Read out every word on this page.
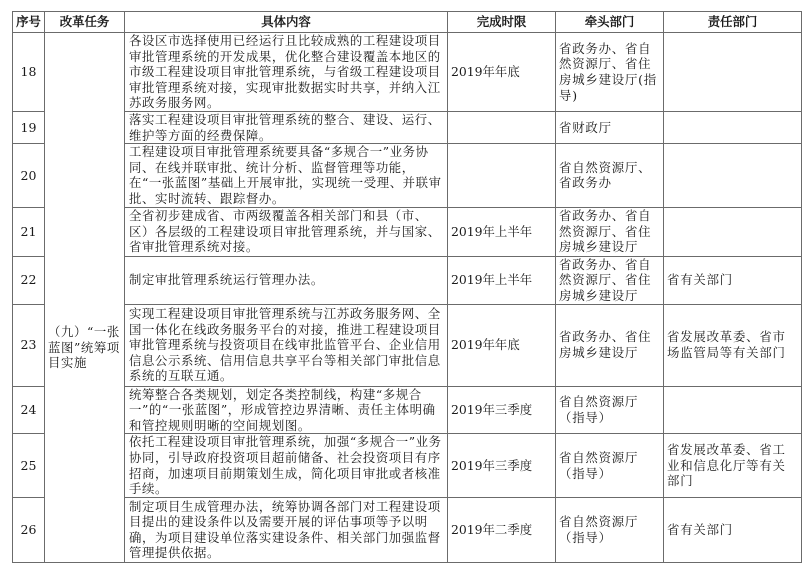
序号	改革任务	具体内容	完成时限	牵头部门	责任部门
18	（九）“一张蓝图”统筹项目实施	各设区市选择使用已经运行且比较成熟的工程建设项目审批管理系统的开发成果，优化整合建设覆盖本地区的市级工程建设项目审批管理系统，与省级工程建设项目审批管理系统对接，实现审批数据实时共享，并纳入江苏政务服务网。	2019年年底	省政务办、省自然资源厅、省住房城乡建设厅(指导)	
19		落实工程建设项目审批管理系统的整合、建设、运行、维护等方面的经费保障。		省财政厅	
20		工程建设项目审批管理系统要具备“多规合一”业务协同、在线并联审批、统计分析、监督管理等功能，在“一张蓝图”基础上开展审批，实现统一受理、并联审批、实时流转、跟踪督办。		省自然资源厅、省政务办	
21		全省初步建成省、市两级覆盖各相关部门和县（市、区）各层级的工程建设项目审批管理系统，并与国家、省审批管理系统对接。	2019年上半年	省政务办、省自然资源厅、省住房城乡建设厅	
22		制定审批管理系统运行管理办法。	2019年上半年	省政务办、省自然资源厅、省住房城乡建设厅	省有关部门
23		实现工程建设项目审批管理系统与江苏政务服务网、全国一体化在线政务服务平台的对接，推进工程建设项目审批管理系统与投资项目在线审批监管平台、企业信用信息公示系统、信用信息共享平台等相关部门审批信息系统的互联互通。	2019年年底	省政务办、省住房城乡建设厅	省发展改革委、省市场监管局等有关部门
24		统筹整合各类规划，划定各类控制线，构建“多规合一”的“一张蓝图”，形成管控边界清晰、责任主体明确和管控规则明晰的空间规划图。	2019年三季度	省自然资源厅（指导）	
25		依托工程建设项目审批管理系统，加强“多规合一”业务协同，引导政府投资项目超前储备、社会投资项目有序招商，加速项目前期策划生成，简化项目审批或者核准手续。	2019年三季度	省自然资源厅（指导）	省发展改革委、省工业和信息化厅等有关部门
26		制定项目生成管理办法，统筹协调各部门对工程建设项目提出的建设条件以及需要开展的评估事项等予以明确，为项目建设单位落实建设条件、相关部门加强监督管理提供依据。	2019年二季度	省自然资源厅（指导）	省有关部门
